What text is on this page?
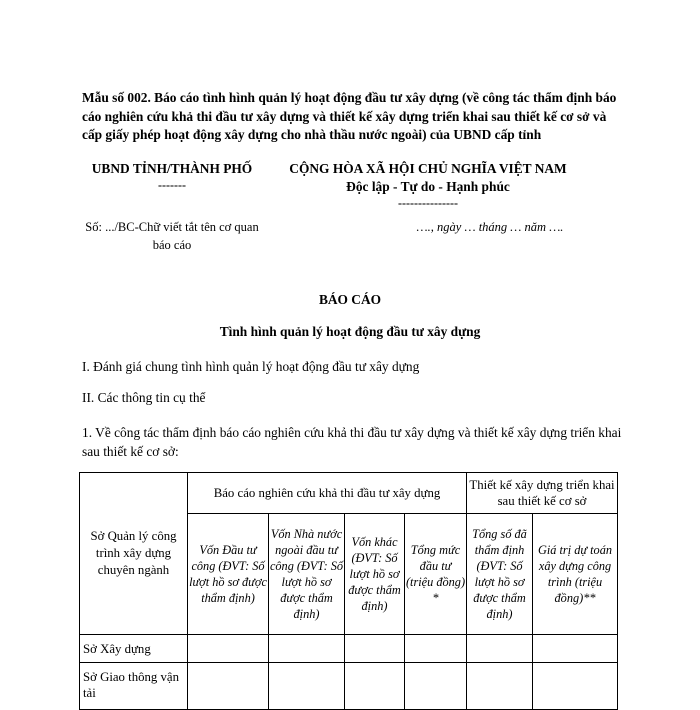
Mẫu số 002. Báo cáo tình hình quản lý hoạt động đầu tư xây dựng (về công tác thẩm định báo cáo nghiên cứu khả thi đầu tư xây dựng và thiết kế xây dựng triển khai sau thiết kế cơ sở và cấp giấy phép hoạt động xây dựng cho nhà thầu nước ngoài) của UBND cấp tỉnh
UBND TỈNH/THÀNH PHỐ
-------
CỘNG HÒA XÃ HỘI CHỦ NGHĨA VIỆT NAM
Độc lập - Tự do - Hạnh phúc
---------------
Số: .../BC-Chữ viết tắt tên cơ quan báo cáo
…., ngày … tháng … năm ….
BÁO CÁO
Tình hình quản lý hoạt động đầu tư xây dựng
I. Đánh giá chung tình hình quản lý hoạt động đầu tư xây dựng
II. Các thông tin cụ thể
1. Về công tác thẩm định báo cáo nghiên cứu khả thi đầu tư xây dựng và thiết kế xây dựng triển khai sau thiết kế cơ sở:
Sở Quản lý công trình xây dựng chuyên ngành	Báo cáo nghiên cứu khả thi đầu tư xây dựng				Thiết kế xây dựng triển khai sau thiết kế cơ sở	
	Vốn Đầu tư công (ĐVT: Số lượt hồ sơ được thẩm định)	Vốn Nhà nước ngoài đầu tư công (ĐVT: Số lượt hồ sơ được thẩm định)	Vốn khác (ĐVT: Số lượt hồ sơ được thẩm định)	Tổng mức đầu tư (triệu đồng) *	Tổng số đã thẩm định (ĐVT: Số lượt hồ sơ được thẩm định)	Giá trị dự toán xây dựng công trình (triệu đồng)**
Sở Xây dựng						
Sở Giao thông vận tải						
